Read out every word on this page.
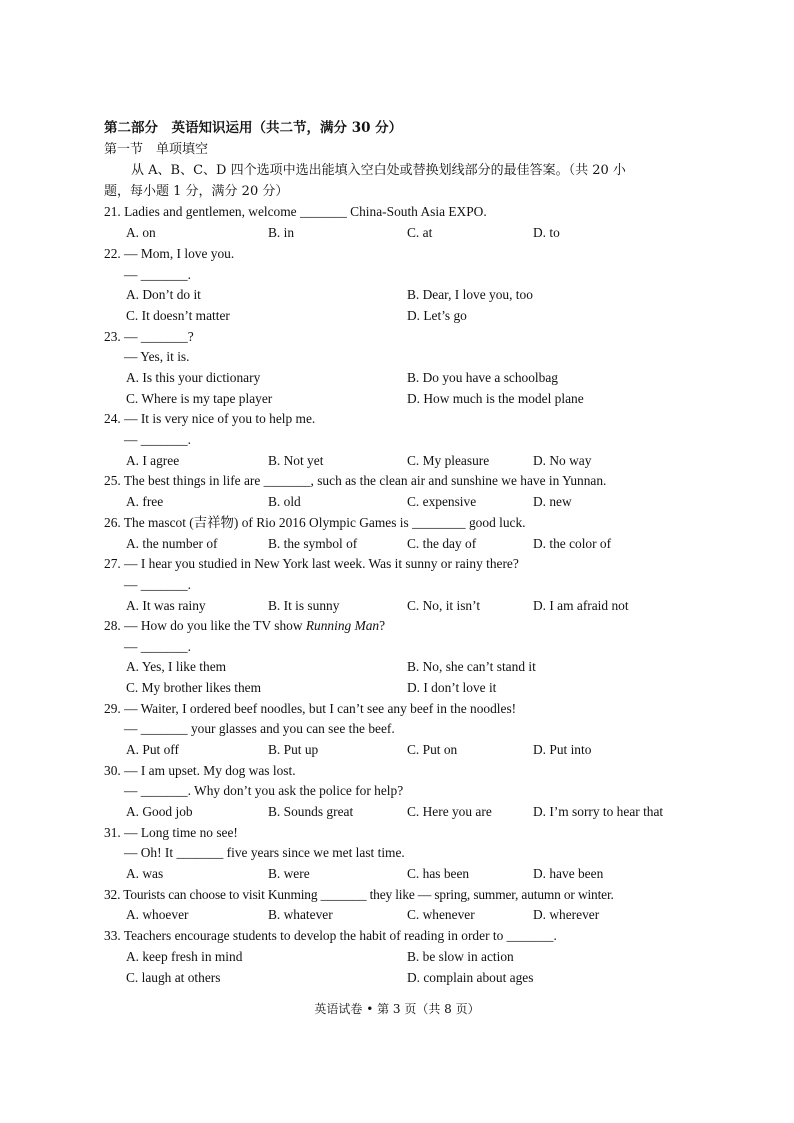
第二部分　英语知识运用（共二节，满分 30 分）
第一节　单项填空
从 A、B、C、D 四个选项中选出能填入空白处或替换划线部分的最佳答案。（共 20 小
题，每小题 1 分，满分 20 分）
21. Ladies and gentlemen, welcome _______ China-South Asia EXPO.
A. on	B. in	C. at	D. to
22. — Mom, I love you.
— _______.
A. Don’t do it	B. Dear, I love you, too
C. It doesn’t matter	D. Let’s go
23. — _______?
— Yes, it is.
A. Is this your dictionary	B. Do you have a schoolbag
C. Where is my tape player	D. How much is the model plane
24. — It is very nice of you to help me.
— _______.
A. I agree	B. Not yet	C. My pleasure	D. No way
25. The best things in life are _______, such as the clean air and sunshine we have in Yunnan.
A. free	B. old	C. expensive	D. new
26. The mascot (吉祥物) of Rio 2016 Olympic Games is ________ good luck.
A. the number of	B. the symbol of	C. the day of	D. the color of
27. — I hear you studied in New York last week. Was it sunny or rainy there?
— _______.
A. It was rainy	B. It is sunny	C. No, it isn’t	D. I am afraid not
28. — How do you like the TV show Running Man?
— _______.
A. Yes, I like them	B. No, she can’t stand it
C. My brother likes them	D. I don’t love it
29. — Waiter, I ordered beef noodles, but I can’t see any beef in the noodles!
— _______ your glasses and you can see the beef.
A. Put off	B. Put up	C. Put on	D. Put into
30. — I am upset. My dog was lost.
— _______. Why don’t you ask the police for help?
A. Good job	B. Sounds great	C. Here you are	D. I’m sorry to hear that
31. — Long time no see!
— Oh! It _______ five years since we met last time.
A. was	B. were	C. has been	D. have been
32. Tourists can choose to visit Kunming _______ they like — spring, summer, autumn or winter.
A. whoever	B. whatever	C. whenever	D. wherever
33. Teachers encourage students to develop the habit of reading in order to _______.
A. keep fresh in mind	B. be slow in action
C. laugh at others	D. complain about ages
英语试卷 • 第 3 页（共 8 页）
